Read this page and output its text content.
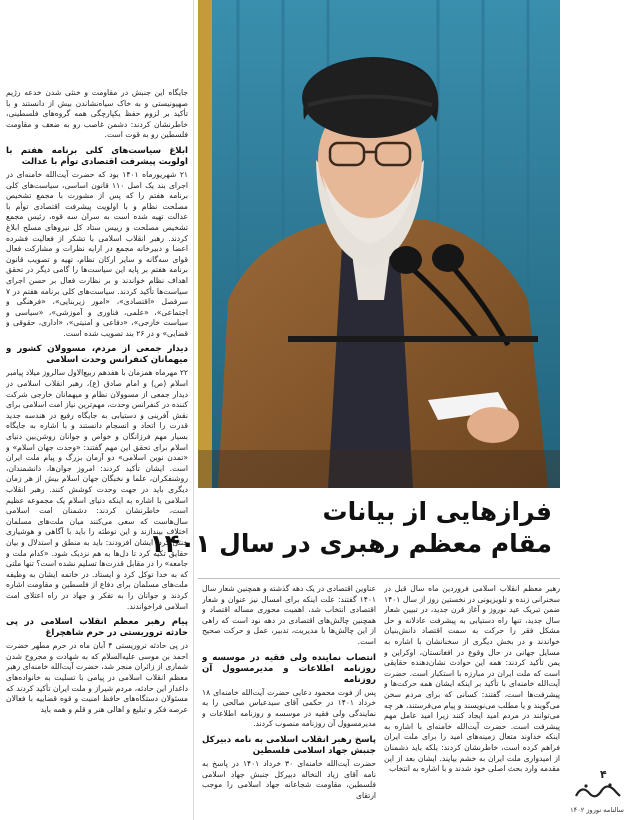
جایگاه این جنبش در مقاومت و خنثی شدن خدعه رژیم صهیونیستی و به خاک سیاه‌نشاندن بیش از دانستند و با تأکید بر لزوم حفظ یکپارچگی همه گروه‌های فلسطینی، خاطرنشان کردند: دشمن غاصب رو به ضعف و مقاومت فلسطین رو به قوت است.

ابلاغ سیاست‌های کلی برنامه هفتم با اولویت پیشرفت اقتصادی توأم با عدالت

۲۱ شهریورماه ۱۴۰۱ بود که حضرت آیت‌الله خامنه‌ای در اجرای بند یک اصل ۱۱۰ قانون اساسی، سیاست‌های کلی برنامه هفتم را که پس از مشورت با مجمع تشخیص مصلحت نظام و با اولویت پیشرفت اقتصادی توأم با عدالت تهیه شده است به سران سه قوه، رئیس مجمع تشخیص مصلحت و رییس ستاد کل نیروهای مسلح ابلاغ کردند. رهبر انقلاب اسلامی با تشکر از فعالیت فشرده اعضا و دبیرخانه مجمع در ارایه نظرات و مشارکت فعال قوای سه‌گانه و سایر ارکان نظام، تهیه و تصویب قانون برنامه هفتم بر پایه این سیاست‌ها را گامی دیگر در تحقق اهداف نظام خواندند و بر نظارت فعال بر حسن اجرای سیاست‌ها تأکید کردند. سیاست‌های کلی برنامه هفتم در ۷ سرفصل «اقتصادی»، «امور زیربنایی»، «فرهنگی و اجتماعی»، «علمی، فناوری و آموزشی»، «سیاسی و سیاست خارجی»، «دفاعی و امنیتی»، «اداری، حقوقی و قضایی» و در ۲۶ بند تصویب شده است.

دیدار جمعی از مردم، مسوولان کشور و میهمانان کنفرانس وحدت اسلامی

۲۲ مهرماه همزمان با هفدهم ربیع‌الاول سالروز میلاد پیامبر اسلام (ص) و امام صادق (ع)، رهبر انقلاب اسلامی در دیدار جمعی از مسوولان نظام و میهمانان خارجی شرکت کننده در کنفرانس وحدت، مهم‌ترین نیاز امت اسلامی برای نقش آفرینی و دستیابی به جایگاه رفیع در هندسه جدید قدرت را اتحاد و انسجام دانستند و با اشاره به جایگاه بسیار مهم فرزانگان و خواص و جوانان روشن‌بین دنیای اسلام برای تحقق این مهم گفتند: «وحدت جهان اسلام» و «تمدن نوین اسلامی» دو آرمان بزرگ و پیام ملت ایران است. ایشان تأکید کردند: امروز جوان‌ها، دانشمندان، روشنفکران، علما و نخبگان جهان اسلام بیش از هر زمان دیگری باید در جهت وحدت کوشش کنند. رهبر انقلاب اسلامی با اشاره به اینکه دنیای اسلام یک مجموعه عظیم است، خاطرنشان کردند: دشمنان امت اسلامی سال‌هاست که سعی می‌کنند میان ملت‌های مسلمان اختلاف بیندازند و این توطئه را باید با آگاهی و هوشیاری خنثی کرد. ایشان افزودند: باید به منطق و استدلال و بیان حقایق تکیه کرد تا دل‌ها به هم نزدیک شود. «کدام ملت و جامعه» را در مقابل قدرت‌ها تسلیم نشده است؟ تنها ملتی که به خدا توکل کرد و ایستاد. در خاتمه ایشان به وظیفه ملت‌های مسلمان برای دفاع از فلسطین و مقاومت اشاره کردند و جوانان را به تفکر و جهاد در راه اعتلای امت اسلامی فراخواندند.

پیام رهبر معظم انقلاب اسلامی در پی حادثه تروریستی در حرم شاهچراغ

در پی حادثه تروریستی ۴ آبان ماه در حرم مطهر حضرت احمد بن موسی علیه‌السلام که به شهادت و مجروح شدن شماری از زائران منجر شد، حضرت آیت‌الله خامنه‌ای رهبر معظم انقلاب اسلامی در پیامی با تسلیت به خانواده‌های داغدار این حادثه، مردم شیراز و ملت ایران تأکید کردند که مسئولان دستگاه‌های حافظ امنیت و قوه قضاییه با فعالان عرصه فکر و تبلیغ و اهالی هنر و قلم و همه باید

فرازهایی از بیانات
مقام معظم رهبری در سال ۱۴۰۱

عناوین اقتصادی در یک دهه گذشته و همچنین شعار سال ۱۴۰۱ گفتند: علت اینکه برای امسال نیز عنوان و شعار اقتصادی انتخاب شد، اهمیت محوری مساله اقتصاد و همچنین چالش‌های اقتصادی در دهه نود است که راهی از این چالش‌ها با مدیریت، تدبیر، عمل و حرکت صحیح است.

انتصاب نماینده ولی فقیه در موسسه و روزنامه اطلاعات و مدیرمسوول آن روزنامه

پس از فوت محمود دعایی حضرت آیت‌الله خامنه‌ای ۱۸ خرداد ۱۴۰۱ در حکمی آقای سیدعباس صالحی را به نمایندگی ولی فقیه در موسسه و روزنامه اطلاعات و مدیرمسوول آن روزنامه منصوب کردند.

پاسخ رهبر انقلاب اسلامی به نامه دبیرکل جنبش جهاد اسلامی فلسطین

حضرت آیت‌الله خامنه‌ای ۳۰ خرداد ۱۴۰۱ در پاسخ به نامه آقای زیاد النخاله دبیرکل جنبش جهاد اسلامی فلسطین، مقاومت شجاعانه جهاد اسلامی را موجب ارتقای

رهبر معظم انقلاب اسلامی فروردین ماه سال قبل در سخنرانی زنده و تلویزیونی در نخستین روز از سال ۱۴۰۱ ضمن تبریک عید نوروز و آغاز قرن جدید، در تبیین شعار سال جدید، تنها راه دستیابی به پیشرفت عادلانه و حل مشکل فقر را حرکت به سمت اقتصاد دانش‌بنیان خواندند و در بخش دیگری از سخنانشان با اشاره به مسایل جهانی در حال وقوع در افغانستان، اوکراین و یمن تأکید کردند: همه این حوادث نشان‌دهنده حقایقی است که ملت ایران در مبارزه با استکبار است. حضرت آیت‌الله خامنه‌ای با تأکید بر اینکه ایشان همه حرکت‌ها و پیشرفت‌ها است، گفتند: کسانی که برای مردم سخن می‌گویند و یا مطلب می‌نویسند و پیام می‌فرستند، هر چه می‌توانند در مردم امید ایجاد کنند زیرا امید عامل مهم پیشرفت است. حضرت آیت‌الله خامنه‌ای با اشاره به اینکه خداوند متعال زمینه‌های امید را برای ملت ایران فراهم کرده است، خاطرنشان کردند: بلکه باید دشمنان از امیدواری ملت ایران به خشم بیایند. ایشان بعد از این مقدمه وارد بحث اصلی خود شدند و با اشاره به انتخاب	۴
سالنامه نوروز ۱۴۰۲
